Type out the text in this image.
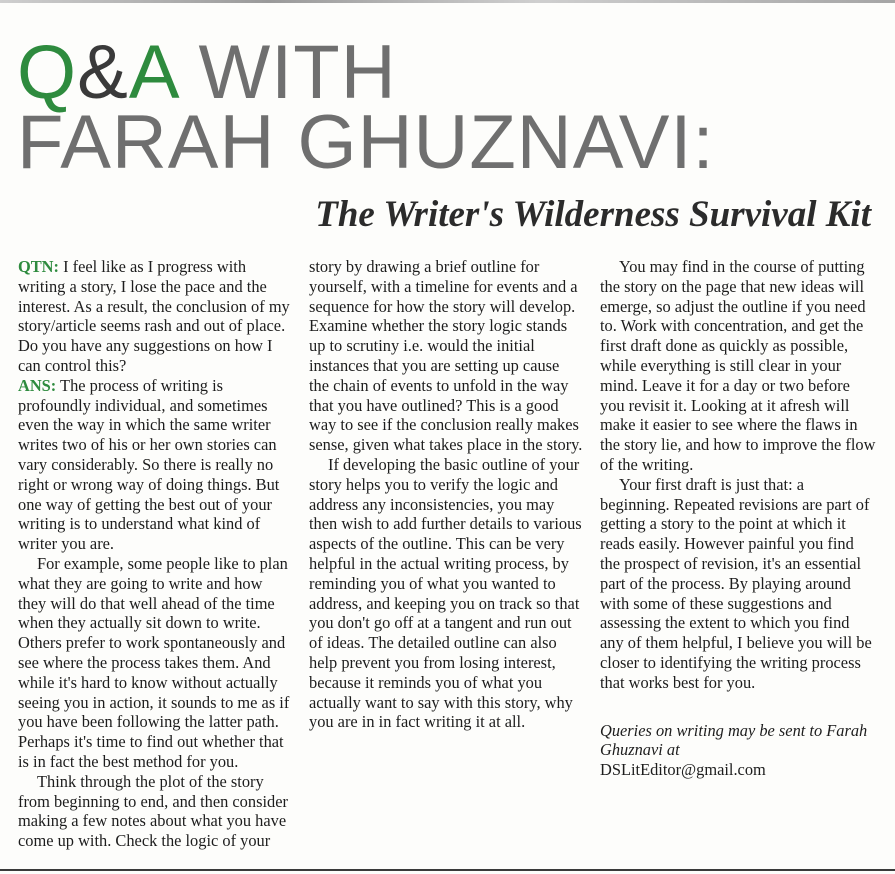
Q&A WITH
FARAH GHUZNAVI:
The Writer's Wilderness Survival Kit

QTN: I feel like as I progress with writing a story, I lose the pace and the interest. As a result, the conclusion of my story/article seems rash and out of place. Do you have any suggestions on how I can control this?

ANS: The process of writing is profoundly individual, and sometimes even the way in which the same writer writes two of his or her own stories can vary considerably. So there is really no right or wrong way of doing things. But one way of getting the best out of your writing is to understand what kind of writer you are.

For example, some people like to plan what they are going to write and how they will do that well ahead of the time when they actually sit down to write. Others prefer to work spontaneously and see where the process takes them. And while it's hard to know without actually seeing you in action, it sounds to me as if you have been following the latter path. Perhaps it's time to find out whether that is in fact the best method for you.

Think through the plot of the story from beginning to end, and then consider making a few notes about what you have come up with. Check the logic of your

story by drawing a brief outline for yourself, with a timeline for events and a sequence for how the story will develop. Examine whether the story logic stands up to scrutiny i.e. would the initial instances that you are setting up cause the chain of events to unfold in the way that you have outlined? This is a good way to see if the conclusion really makes sense, given what takes place in the story.

If developing the basic outline of your story helps you to verify the logic and address any inconsistencies, you may then wish to add further details to various aspects of the outline. This can be very helpful in the actual writing process, by reminding you of what you wanted to address, and keeping you on track so that you don't go off at a tangent and run out of ideas. The detailed outline can also help prevent you from losing interest, because it reminds you of what you actually want to say with this story, why you are in in fact writing it at all.

You may find in the course of putting the story on the page that new ideas will emerge, so adjust the outline if you need to. Work with concentration, and get the first draft done as quickly as possible, while everything is still clear in your mind. Leave it for a day or two before you revisit it. Looking at it afresh will make it easier to see where the flaws in the story lie, and how to improve the flow of the writing.

Your first draft is just that: a beginning. Repeated revisions are part of getting a story to the point at which it reads easily. However painful you find the prospect of revision, it's an essential part of the process. By playing around with some of these suggestions and assessing the extent to which you find any of them helpful, I believe you will be closer to identifying the writing process that works best for you.

Queries on writing may be sent to Farah Ghuznavi at
DSLitEditor@gmail.com
